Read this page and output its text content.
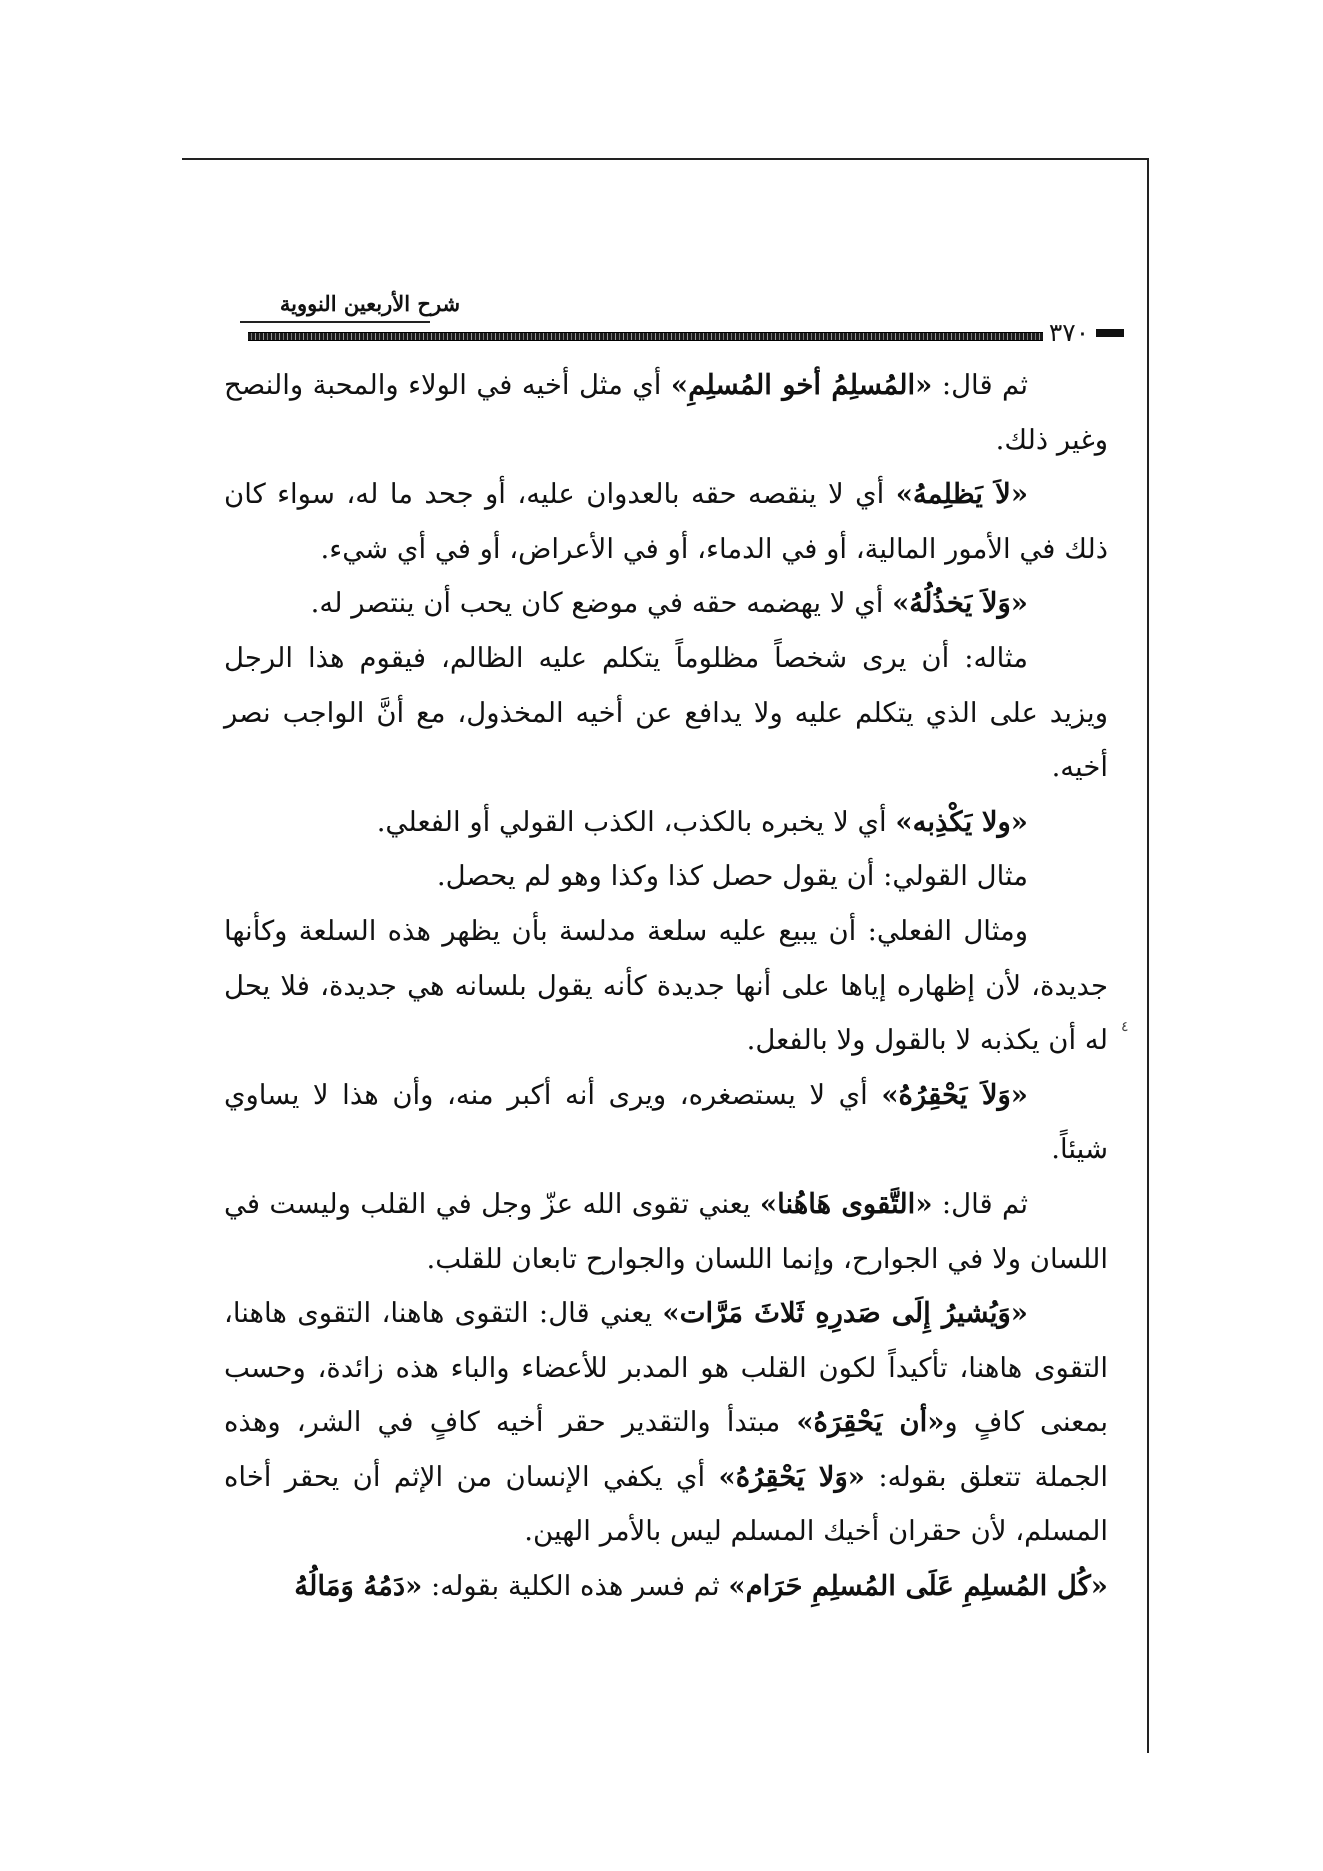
شرح الأربعين النووية
٣٧٠

ثم قال: «المُسلِمُ أخو المُسلِمِ» أي مثل أخيه في الولاء والمحبة والنصح وغير ذلك.

«لاَ يَظلِمهُ» أي لا ينقصه حقه بالعدوان عليه، أو جحد ما له، سواء كان ذلك في الأمور المالية، أو في الدماء، أو في الأعراض، أو في أي شيء.

«وَلاَ يَخذُلُهُ» أي لا يهضمه حقه في موضع كان يحب أن ينتصر له.

مثاله: أن يرى شخصاً مظلوماً يتكلم عليه الظالم، فيقوم هذا الرجل ويزيد على الذي يتكلم عليه ولا يدافع عن أخيه المخذول، مع أنَّ الواجب نصر أخيه.

«ولا يَكْذِبه» أي لا يخبره بالكذب، الكذب القولي أو الفعلي.

مثال القولي: أن يقول حصل كذا وكذا وهو لم يحصل.

ومثال الفعلي: أن يبيع عليه سلعة مدلسة بأن يظهر هذه السلعة وكأنها جديدة، لأن إظهاره إياها على أنها جديدة كأنه يقول بلسانه هي جديدة، فلا يحل له أن يكذبه لا بالقول ولا بالفعل.

«وَلاَ يَحْقِرُهُ» أي لا يستصغره، ويرى أنه أكبر منه، وأن هذا لا يساوي شيئاً.

ثم قال: «التَّقوى هَاهُنا» يعني تقوى الله عزّ وجل في القلب وليست في اللسان ولا في الجوارح، وإنما اللسان والجوارح تابعان للقلب.

«وَيُشيرُ إِلَى صَدرِهِ ثَلاثَ مَرَّات» يعني قال: التقوى هاهنا، التقوى هاهنا، التقوى هاهنا، تأكيداً لكون القلب هو المدبر للأعضاء والباء هذه زائدة، وحسب بمعنى كافٍ و«أن يَحْقِرَهُ» مبتدأ والتقدير حقر أخيه كافٍ في الشر، وهذه الجملة تتعلق بقوله: «وَلا يَحْقِرُهُ» أي يكفي الإنسان من الإثم أن يحقر أخاه المسلم، لأن حقران أخيك المسلم ليس بالأمر الهين.

«كُل المُسلِمِ عَلَى المُسلِمِ حَرَام» ثم فسر هذه الكلية بقوله: «دَمُهُ وَمَالُهُ

٤
